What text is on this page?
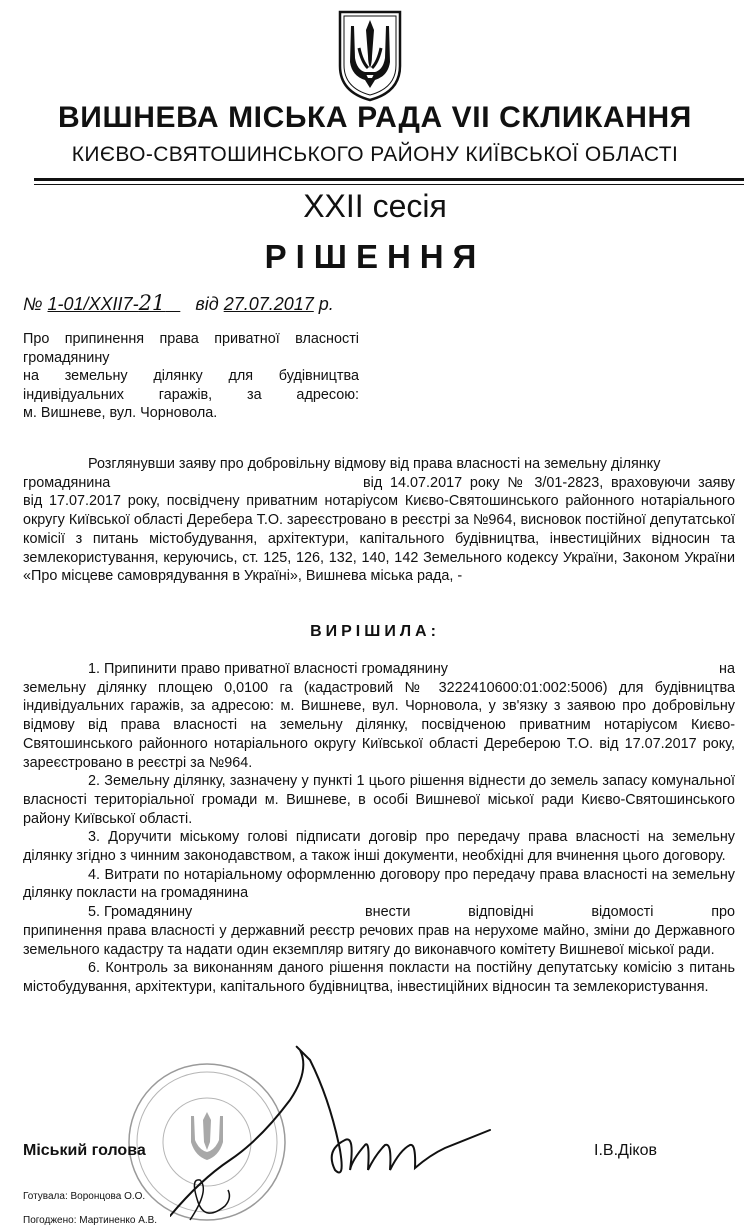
ВИШНЕВА МІСЬКА РАДА VII СКЛИКАННЯ
КИЄВО-СВЯТОШИНСЬКОГО РАЙОНУ КИЇВСЬКОЇ ОБЛАСТІ
XXII сесія
РІШЕННЯ
№ 1-01/XXII7-21 від 27.07.2017 р.
Про припинення права приватної власності
громадянину
на земельну ділянку для будівництва
індивідуальних гаражів, за адресою:
м. Вишневе, вул. Чорновола.

Розглянувши заяву про добровільну відмову від права власності на земельну ділянку

громадянина	від 14.07.2017 року № 3/01-2823, враховуючи заяву

від 17.07.2017 року, посвідчену приватним нотаріусом Києво-Святошинського районного нотаріального округу Київської області Деребера Т.О. зареєстровано в реєстрі за №964, висновок постійної депутатської комісії з питань містобудування, архітектури, капітального будівництва, інвестиційних відносин та землекористування, керуючись, ст. 125, 126, 132, 140, 142 Земельного кодексу України, Законом України «Про місцеве самоврядування в Україні», Вишнева міська рада, -

ВИРІШИЛА:
1. Припинити право приватної власності громадянину	на

земельну ділянку площею 0,0100 га (кадастровий № 3222410600:01:002:5006) для будівництва індивідуальних гаражів, за адресою: м. Вишневе, вул. Чорновола, у зв'язку з заявою про добровільну відмову від права власності на земельну ділянку, посвідченою приватним нотаріусом Києво-Святошинського районного нотаріального округу Київської області Дереберою Т.О. від 17.07.2017 року, зареєстровано в реєстрі за №964.

2. Земельну ділянку, зазначену у пункті 1 цього рішення віднести до земель запасу комунальної власності територіальної громади м. Вишневе, в особі Вишневої міської ради Києво-Святошинського району Київської області.

3. Доручити міському голові підписати договір про передачу права власності на земельну ділянку згідно з чинним законодавством, а також інші документи, необхідні для вчинення цього договору.

4. Витрати по нотаріальному оформленню договору про передачу права власності на земельну ділянку покласти на громадянина

5. Громадянину	внести відповідні відомості про

припинення права власності у державний реєстр речових прав на нерухоме майно, зміни до Державного земельного кадастру та надати один екземпляр витягу до виконавчого комітету Вишневої міської ради.

6. Контроль за виконанням даного рішення покласти на постійну депутатську комісію з питань містобудування, архітектури, капітального будівництва, інвестиційних відносин та землекористування.

Міський голова	І.В.Діков
Готувала: Воронцова О.О.
Погоджено: Мартиненко А.В.
